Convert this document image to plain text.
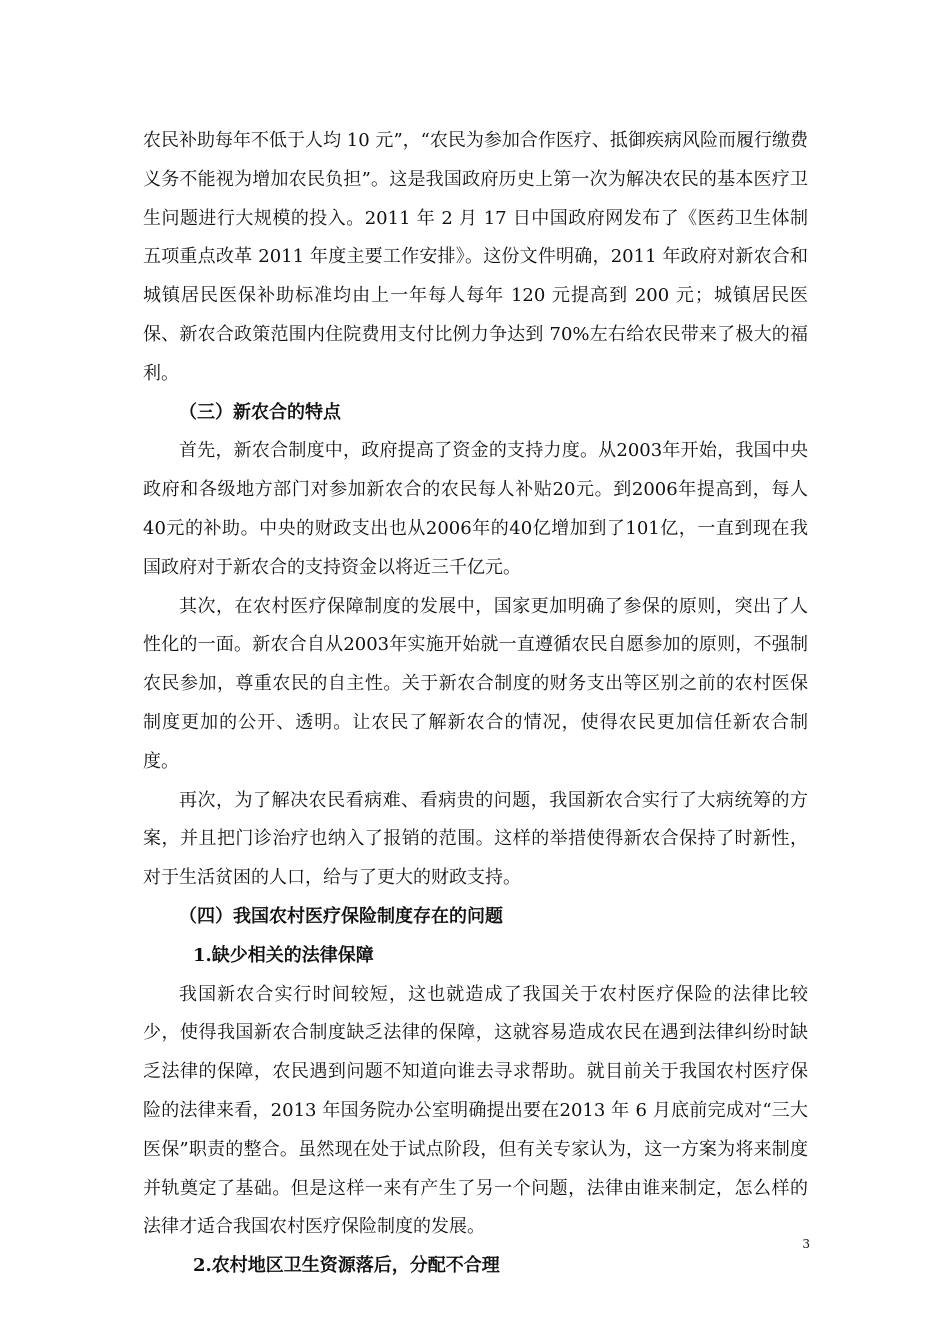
农民补助每年不低于人均 10 元”，“农民为参加合作医疗、抵御疾病风险而履行缴费义务不能视为增加农民负担”。这是我国政府历史上第一次为解决农民的基本医疗卫生问题进行大规模的投入。2011 年 2 月 17 日中国政府网发布了《医药卫生体制五项重点改革 2011 年度主要工作安排》。这份文件明确，2011 年政府对新农合和城镇居民医保补助标准均由上一年每人每年 120 元提高到 200 元；城镇居民医保、新农合政策范围内住院费用支付比例力争达到 70%左右给农民带来了极大的福利。

（三）新农合的特点

首先，新农合制度中，政府提高了资金的支持力度。从2003年开始，我国中央政府和各级地方部门对参加新农合的农民每人补贴20元。到2006年提高到，每人40元的补助。中央的财政支出也从2006年的40亿增加到了101亿，一直到现在我国政府对于新农合的支持资金以将近三千亿元。

其次，在农村医疗保障制度的发展中，国家更加明确了参保的原则，突出了人性化的一面。新农合自从2003年实施开始就一直遵循农民自愿参加的原则，不强制农民参加，尊重农民的自主性。关于新农合制度的财务支出等区别之前的农村医保制度更加的公开、透明。让农民了解新农合的情况，使得农民更加信任新农合制度。

再次，为了解决农民看病难、看病贵的问题，我国新农合实行了大病统筹的方案，并且把门诊治疗也纳入了报销的范围。这样的举措使得新农合保持了时新性，对于生活贫困的人口，给与了更大的财政支持。

（四）我国农村医疗保险制度存在的问题

1.缺少相关的法律保障

我国新农合实行时间较短，这也就造成了我国关于农村医疗保险的法律比较少，使得我国新农合制度缺乏法律的保障，这就容易造成农民在遇到法律纠纷时缺乏法律的保障，农民遇到问题不知道向谁去寻求帮助。就目前关于我国农村医疗保险的法律来看，2013 年国务院办公室明确提出要在2013 年 6 月底前完成对“三大医保”职责的整合。虽然现在处于试点阶段，但有关专家认为，这一方案为将来制度并轨奠定了基础。但是这样一来有产生了另一个问题，法律由谁来制定，怎么样的法律才适合我国农村医疗保险制度的发展。

2.农村地区卫生资源落后，分配不合理

3
